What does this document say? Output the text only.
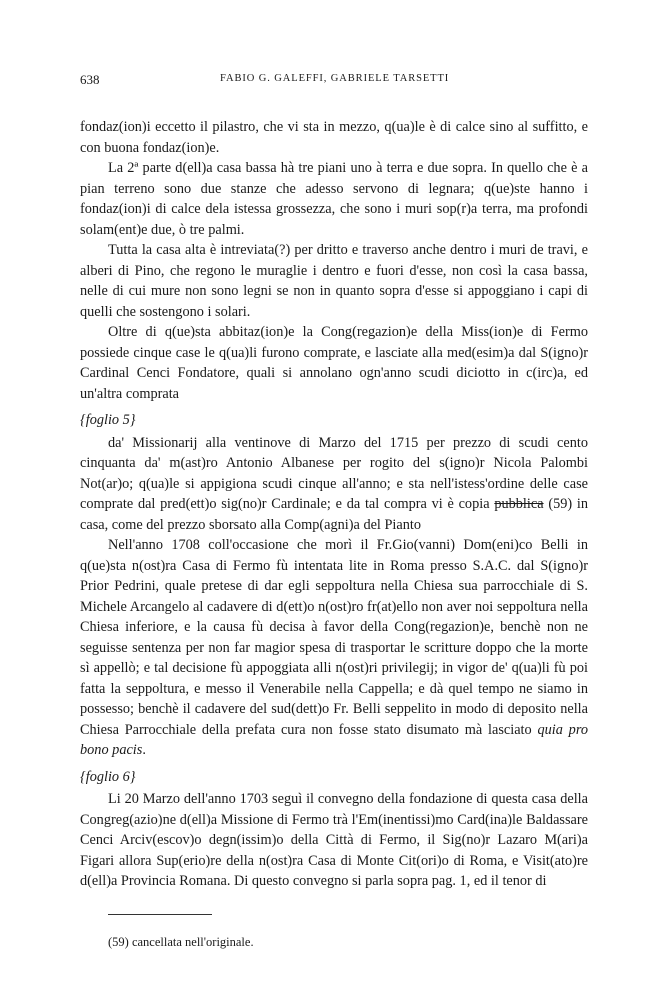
638	FABIO G. GALEFFI, GABRIELE TARSETTI

fondaz(ion)i eccetto il pilastro, che vi sta in mezzo, q(ua)le è di calce sino al suffitto, e con buona fondaz(ion)e.

La 2ª parte d(ell)a casa bassa hà tre piani uno à terra e due sopra. In quello che è a pian terreno sono due stanze che adesso servono di legnara; q(ue)ste hanno i fondaz(ion)i di calce dela istessa grossezza, che sono i muri sop(r)a terra, ma profondi solam(ent)e due, ò tre palmi.

Tutta la casa alta è intreviata(?) per dritto e traverso anche dentro i muri de travi, e alberi di Pino, che regono le muraglie i dentro e fuori d'esse, non così la casa bassa, nelle di cui mure non sono legni se non in quanto sopra d'esse si appoggiano i capi di quelli che sostengono i solari.

Oltre di q(ue)sta abbitaz(ion)e la Cong(regazion)e della Miss(ion)e di Fermo possiede cinque case le q(ua)li furono comprate, e lasciate alla med(esim)a dal S(igno)r Cardinal Cenci Fondatore, quali si annolano ogn'anno scudi diciotto in c(irc)a, ed un'altra comprata

{foglio 5}

da' Missionarij alla ventinove di Marzo del 1715 per prezzo di scudi cento cinquanta da' m(ast)ro Antonio Albanese per rogito del s(igno)r Nicola Palombi Not(ar)o; q(ua)le si appigiona scudi cinque all'anno; e sta nell'istess'ordine delle case comprate dal pred(ett)o sig(no)r Cardinale; e da tal compra vi è copia pubblica (59) in casa, come del prezzo sborsato alla Comp(agni)a del Pianto

Nell'anno 1708 coll'occasione che morì il Fr.Gio(vanni) Dom(eni)co Belli in q(ue)sta n(ost)ra Casa di Fermo fù intentata lite in Roma presso S.A.C. dal S(igno)r Prior Pedrini, quale pretese di dar egli seppoltura nella Chiesa sua parrocchiale di S. Michele Arcangelo al cadavere di d(ett)o n(ost)ro fr(at)ello non aver noi seppoltura nella Chiesa inferiore, e la causa fù decisa à favor della Cong(regazion)e, benchè non ne seguisse sentenza per non far magior spesa di trasportar le scritture doppo che la morte sì appellò; e tal decisione fù appoggiata alli n(ost)ri privilegij; in vigor de' q(ua)li fù poi fatta la seppoltura, e messo il Venerabile nella Cappella; e dà quel tempo ne siamo in possesso; benchè il cadavere del sud(dett)o Fr. Belli seppelito in modo di deposito nella Chiesa Parrocchiale della prefata cura non fosse stato disumato mà lasciato quia pro bono pacis.

{foglio 6}

Li 20 Marzo dell'anno 1703 seguì il convegno della fondazione di questa casa della Congreg(azio)ne d(ell)a Missione di Fermo trà l'Em(inentissi)mo Card(ina)le Baldassare Cenci Arciv(escov)o degn(issim)o della Città di Fermo, il Sig(no)r Lazaro M(ari)a Figari allora Sup(erio)re della n(ost)ra Casa di Monte Cit(ori)o di Roma, e Visit(ato)re d(ell)a Provincia Romana. Di questo convegno si parla sopra pag. 1, ed il tenor di

(59) cancellata nell'originale.
